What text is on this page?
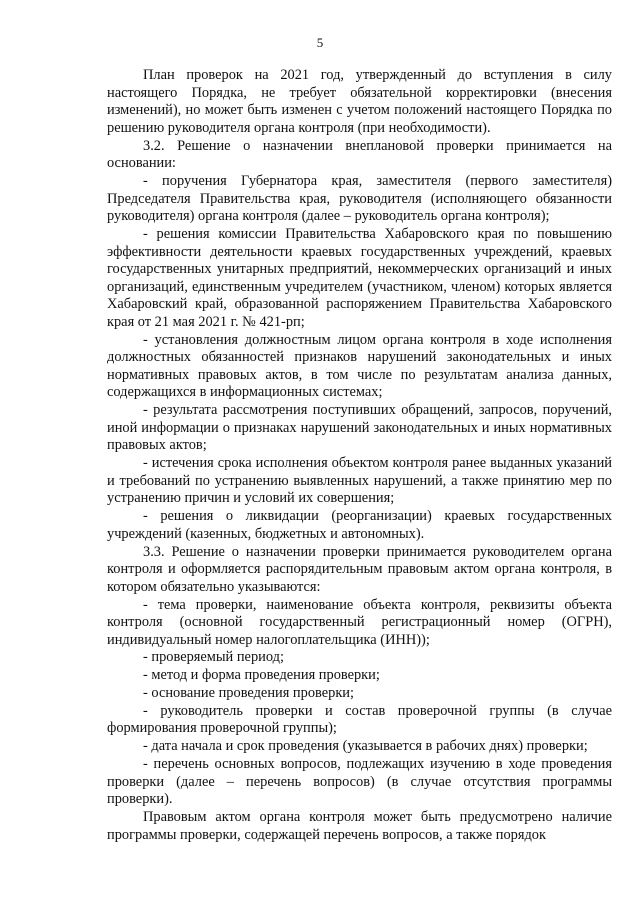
5

План проверок на 2021 год, утвержденный до вступления в силу настоящего Порядка, не требует обязательной корректировки (внесения изменений), но может быть изменен с учетом положений настоящего Порядка по решению руководителя органа контроля (при необходимости).

3.2. Решение о назначении внеплановой проверки принимается на основании:

- поручения Губернатора края, заместителя (первого заместителя) Председателя Правительства края, руководителя (исполняющего обязанности руководителя) органа контроля (далее – руководитель органа контроля);

- решения комиссии Правительства Хабаровского края по повышению эффективности деятельности краевых государственных учреждений, краевых государственных унитарных предприятий, некоммерческих организаций и иных организаций, единственным учредителем (участником, членом) которых является Хабаровский край, образованной распоряжением Правительства Хабаровского края от 21 мая 2021 г. № 421-рп;

- установления должностным лицом органа контроля в ходе исполнения должностных обязанностей признаков нарушений законодательных и иных нормативных правовых актов, в том числе по результатам анализа данных, содержащихся в информационных системах;

- результата рассмотрения поступивших обращений, запросов, поручений, иной информации о признаках нарушений законодательных и иных нормативных правовых актов;

- истечения срока исполнения объектом контроля ранее выданных указаний и требований по устранению выявленных нарушений, а также принятию мер по устранению причин и условий их совершения;

- решения о ликвидации (реорганизации) краевых государственных учреждений (казенных, бюджетных и автономных).

3.3. Решение о назначении проверки принимается руководителем органа контроля и оформляется распорядительным правовым актом органа контроля, в котором обязательно указываются:

- тема проверки, наименование объекта контроля, реквизиты объекта контроля (основной государственный регистрационный номер (ОГРН), индивидуальный номер налогоплательщика (ИНН));

- проверяемый период;

- метод и форма проведения проверки;

- основание проведения проверки;

- руководитель проверки и состав проверочной группы (в случае формирования проверочной группы);

- дата начала и срок проведения (указывается в рабочих днях) проверки;

- перечень основных вопросов, подлежащих изучению в ходе проведения проверки (далее – перечень вопросов) (в случае отсутствия программы проверки).

Правовым актом органа контроля может быть предусмотрено наличие программы проверки, содержащей перечень вопросов, а также порядок
